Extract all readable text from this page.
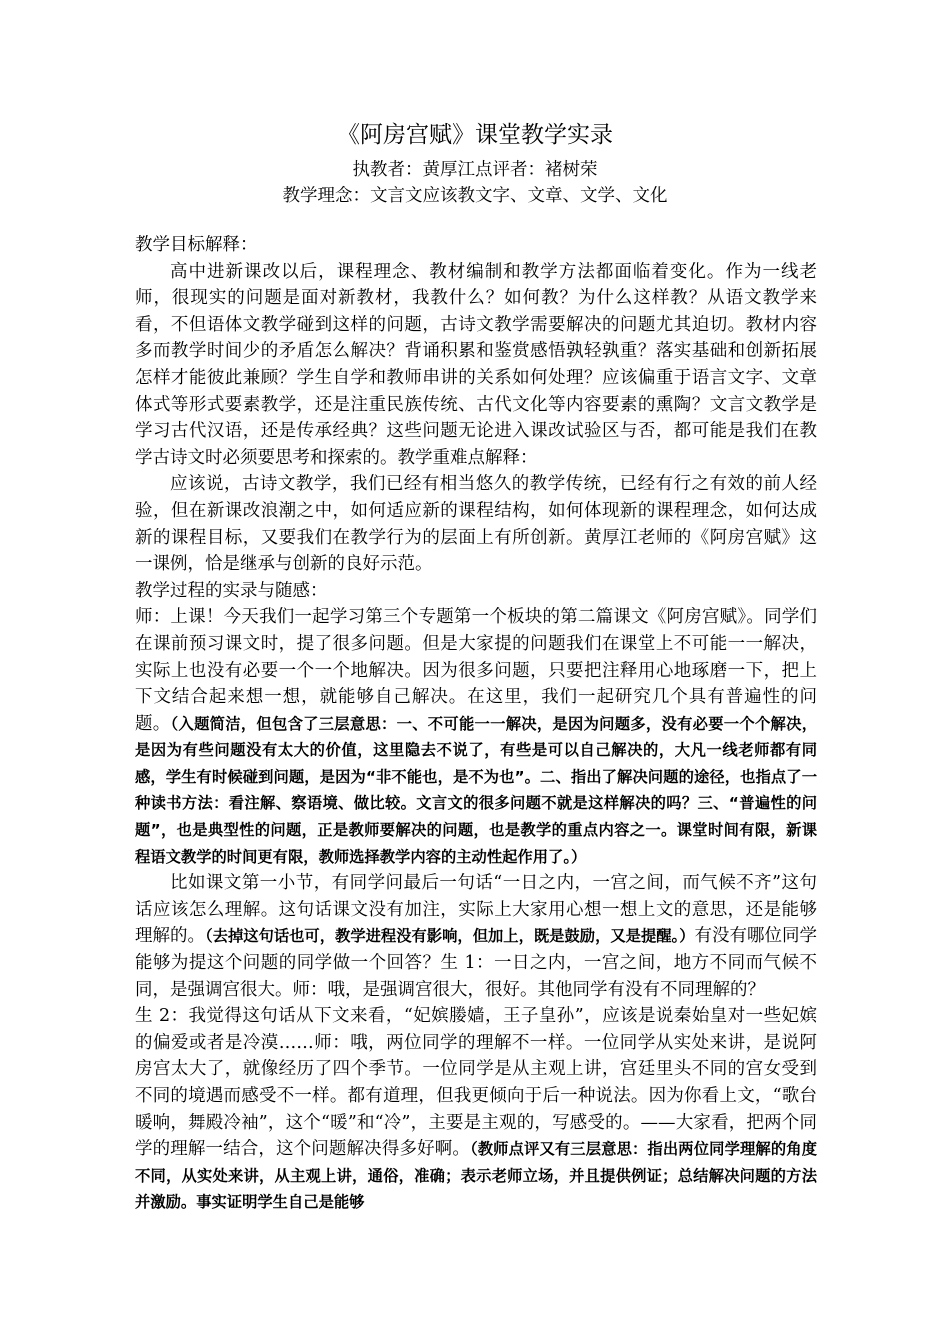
《阿房宫赋》课堂教学实录
执教者：黄厚江点评者：褚树荣
教学理念：文言文应该教文字、文章、文学、文化

教学目标解释：

高中进新课改以后，课程理念、教材编制和教学方法都面临着变化。作为一线老师，很现实的问题是面对新教材，我教什么？如何教？为什么这样教？从语文教学来看，不但语体文教学碰到这样的问题，古诗文教学需要解决的问题尤其迫切。教材内容多而教学时间少的矛盾怎么解决？背诵积累和鉴赏感悟孰轻孰重？落实基础和创新拓展怎样才能彼此兼顾？学生自学和教师串讲的关系如何处理？应该偏重于语言文字、文章体式等形式要素教学，还是注重民族传统、古代文化等内容要素的熏陶？文言文教学是学习古代汉语，还是传承经典？这些问题无论进入课改试验区与否，都可能是我们在教学古诗文时必须要思考和探索的。教学重难点解释：

应该说，古诗文教学，我们已经有相当悠久的教学传统，已经有行之有效的前人经验，但在新课改浪潮之中，如何适应新的课程结构，如何体现新的课程理念，如何达成新的课程目标，又要我们在教学行为的层面上有所创新。黄厚江老师的《阿房宫赋》这一课例，恰是继承与创新的良好示范。

教学过程的实录与随感：

师：上课！今天我们一起学习第三个专题第一个板块的第二篇课文《阿房宫赋》。同学们在课前预习课文时，提了很多问题。但是大家提的问题我们在课堂上不可能一一解决，实际上也没有必要一个一个地解决。因为很多问题，只要把注释用心地琢磨一下，把上下文结合起来想一想，就能够自己解决。在这里，我们一起研究几个具有普遍性的问题。（入题简洁，但包含了三层意思：一、不可能一一解决，是因为问题多，没有必要一个个解决，是因为有些问题没有太大的价值，这里隐去不说了，有些是可以自己解决的，大凡一线老师都有同感，学生有时候碰到问题，是因为“非不能也，是不为也”。二、指出了解决问题的途径，也指点了一种读书方法：看注解、察语境、做比较。文言文的很多问题不就是这样解决的吗？三、“普遍性的问题”，也是典型性的问题，正是教师要解决的问题，也是教学的重点内容之一。课堂时间有限，新课程语文教学的时间更有限，教师选择教学内容的主动性起作用了。）

比如课文第一小节，有同学问最后一句话“一日之内，一宫之间，而气候不齐”这句话应该怎么理解。这句话课文没有加注，实际上大家用心想一想上文的意思，还是能够理解的。（去掉这句话也可，教学进程没有影响，但加上，既是鼓励，又是提醒。）有没有哪位同学能够为提这个问题的同学做一个回答？生 1：一日之内，一宫之间，地方不同而气候不同，是强调宫很大。师：哦，是强调宫很大，很好。其他同学有没有不同理解的？

生 2：我觉得这句话从下文来看，“妃嫔媵嫱，王子皇孙”，应该是说秦始皇对一些妃嫔的偏爱或者是冷漠……师：哦，两位同学的理解不一样。一位同学从实处来讲，是说阿房宫太大了，就像经历了四个季节。一位同学是从主观上讲，宫廷里头不同的宫女受到不同的境遇而感受不一样。都有道理，但我更倾向于后一种说法。因为你看上文，“歌台暖响，舞殿冷袖”，这个“暖”和“冷”，主要是主观的，写感受的。——大家看，把两个同学的理解一结合，这个问题解决得多好啊。（教师点评又有三层意思：指出两位同学理解的角度不同，从实处来讲，从主观上讲，通俗，准确；表示老师立场，并且提供例证；总结解决问题的方法并激励。事实证明学生自己是能够
